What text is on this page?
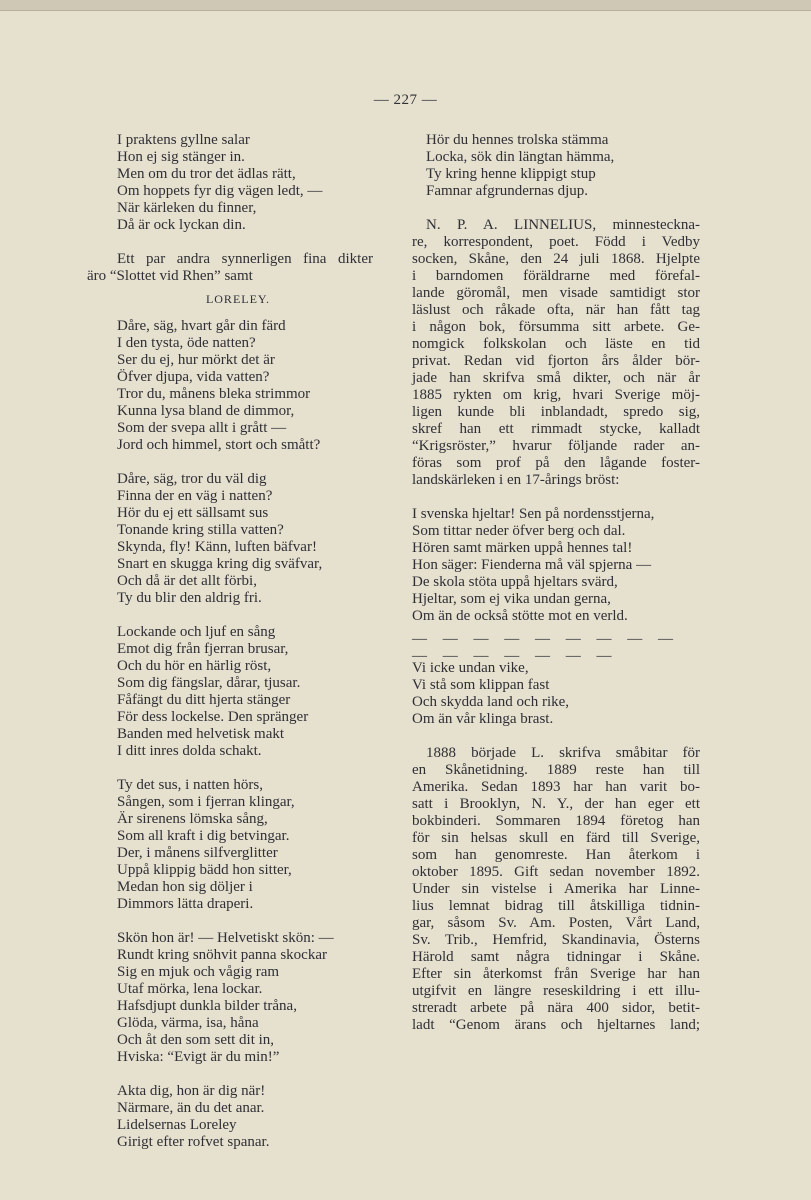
— 227 —
I praktens gyllne salar
Hon ej sig stänger in.
Men om du tror det ädlas rätt,
Om hoppets fyr dig vägen ledt, —
När kärleken du finner,
Då är ock lyckan din.
Ett par andra synnerligen fina dikter
äro “Slottet vid Rhen” samt
LORELEY.
Dåre, säg, hvart går din färd
I den tysta, öde natten?
Ser du ej, hur mörkt det är
Öfver djupa, vida vatten?
Tror du, månens bleka strimmor
Kunna lysa bland de dimmor,
Som der svepa allt i grått —
Jord och himmel, stort och smått?
Dåre, säg, tror du väl dig
Finna der en väg i natten?
Hör du ej ett sällsamt sus
Tonande kring stilla vatten?
Skynda, fly! Känn, luften bäfvar!
Snart en skugga kring dig sväfvar,
Och då är det allt förbi,
Ty du blir den aldrig fri.
Lockande och ljuf en sång
Emot dig från fjerran brusar,
Och du hör en härlig röst,
Som dig fängslar, dårar, tjusar.
Fåfängt du ditt hjerta stänger
För dess lockelse. Den spränger
Banden med helvetisk makt
I ditt inres dolda schakt.
Ty det sus, i natten hörs,
Sången, som i fjerran klingar,
Är sirenens lömska sång,
Som all kraft i dig betvingar.
Der, i månens silfverglitter
Uppå klippig bädd hon sitter,
Medan hon sig döljer i
Dimmors lätta draperi.
Skön hon är! — Helvetiskt skön: —
Rundt kring snöhvit panna skockar
Sig en mjuk och vågig ram
Utaf mörka, lena lockar.
Hafsdjupt dunkla bilder tråna,
Glöda, värma, isa, håna
Och åt den som sett dit in,
Hviska: “Evigt är du min!”
Akta dig, hon är dig när!
Närmare, än du det anar.
Lidelsernas Loreley
Girigt efter rofvet spanar.
Hör du hennes trolska stämma
Locka, sök din längtan hämma,
Ty kring henne klippigt stup
Famnar afgrundernas djup.
N. P. A. LINNELIUS, minnesteckna-
re, korrespondent, poet. Född i Vedby
socken, Skåne, den 24 juli 1868. Hjelpte
i barndomen föräldrarne med förefal-
lande göromål, men visade samtidigt stor
läslust och råkade ofta, när han fått tag
i någon bok, försumma sitt arbete. Ge-
nomgick folkskolan och läste en tid
privat. Redan vid fjorton års ålder bör-
jade han skrifva små dikter, och när år
1885 rykten om krig, hvari Sverige möj-
ligen kunde bli inblandadt, spredo sig,
skref han ett rimmadt stycke, kalladt
“Krigsröster,” hvarur följande rader an-
föras som prof på den lågande foster-
landskärleken i en 17-årings bröst:
I svenska hjeltar! Sen på nordensstjerna,
Som tittar neder öfver berg och dal.
Hören samt märken uppå hennes tal!
Hon säger: Fienderna må väl spjerna —
De skola stöta uppå hjeltars svärd,
Hjeltar, som ej vika undan gerna,
Om än de också stötte mot en verld.
— — — — — — — — — — — — — — — —
Vi icke undan vike,
Vi stå som klippan fast
Och skydda land och rike,
Om än vår klinga brast.
1888 började L. skrifva småbitar för
en Skånetidning. 1889 reste han till
Amerika. Sedan 1893 har han varit bo-
satt i Brooklyn, N. Y., der han eger ett
bokbinderi. Sommaren 1894 företog han
för sin helsas skull en färd till Sverige,
som han genomreste. Han återkom i
oktober 1895. Gift sedan november 1892.
Under sin vistelse i Amerika har Linne-
lius lemnat bidrag till åtskilliga tidnin-
gar, såsom Sv. Am. Posten, Vårt Land,
Sv. Trib., Hemfrid, Skandinavia, Österns
Härold samt några tidningar i Skåne.
Efter sin återkomst från Sverige har han
utgifvit en längre reseskildring i ett illu-
streradt arbete på nära 400 sidor, betit-
ladt “Genom ärans och hjeltarnes land;
